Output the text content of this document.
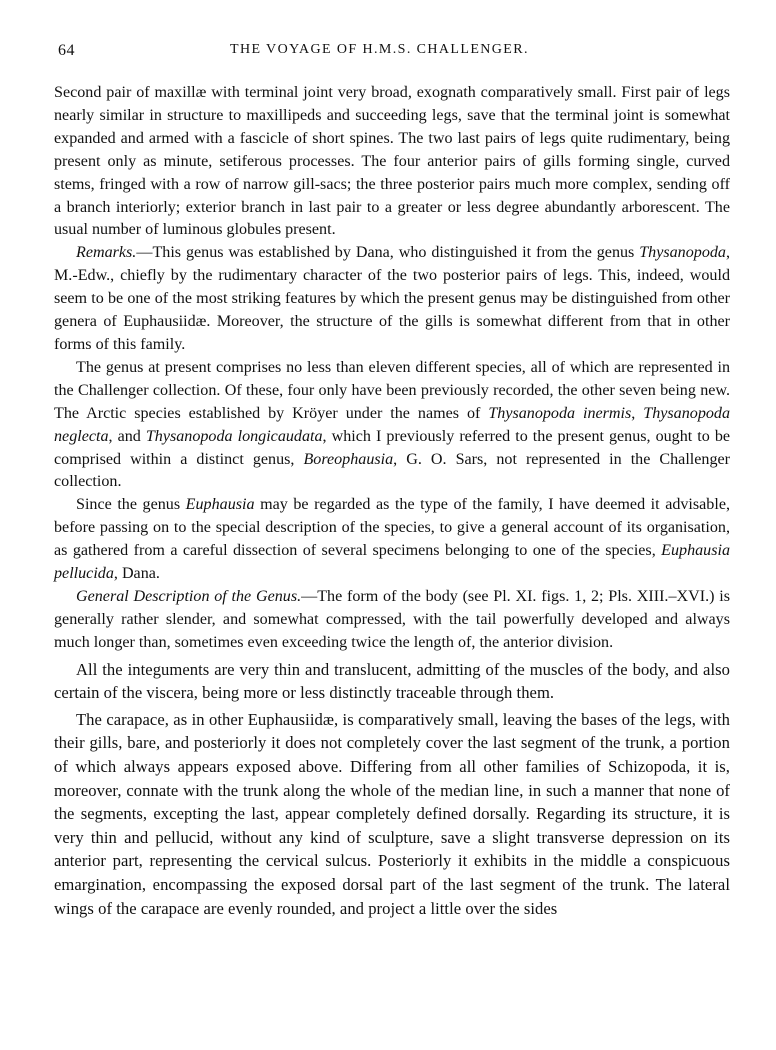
64	THE VOYAGE OF H.M.S. CHALLENGER.

Second pair of maxillæ with terminal joint very broad, exognath comparatively small. First pair of legs nearly similar in structure to maxillipeds and succeeding legs, save that the terminal joint is somewhat expanded and armed with a fascicle of short spines. The two last pairs of legs quite rudimentary, being present only as minute, setiferous processes. The four anterior pairs of gills forming single, curved stems, fringed with a row of narrow gill-sacs; the three posterior pairs much more complex, sending off a branch interiorly; exterior branch in last pair to a greater or less degree abundantly arborescent. The usual number of luminous globules present.

Remarks.—This genus was established by Dana, who distinguished it from the genus Thysanopoda, M.-Edw., chiefly by the rudimentary character of the two posterior pairs of legs. This, indeed, would seem to be one of the most striking features by which the present genus may be distinguished from other genera of Euphausiidæ. Moreover, the structure of the gills is somewhat different from that in other forms of this family.

The genus at present comprises no less than eleven different species, all of which are represented in the Challenger collection. Of these, four only have been previously recorded, the other seven being new. The Arctic species established by Kröyer under the names of Thysanopoda inermis, Thysanopoda neglecta, and Thysanopoda longicaudata, which I previously referred to the present genus, ought to be comprised within a distinct genus, Boreophausia, G. O. Sars, not represented in the Challenger collection.

Since the genus Euphausia may be regarded as the type of the family, I have deemed it advisable, before passing on to the special description of the species, to give a general account of its organisation, as gathered from a careful dissection of several specimens belonging to one of the species, Euphausia pellucida, Dana.

General Description of the Genus.—The form of the body (see Pl. XI. figs. 1, 2; Pls. XIII.–XVI.) is generally rather slender, and somewhat compressed, with the tail powerfully developed and always much longer than, sometimes even exceeding twice the length of, the anterior division.

All the integuments are very thin and translucent, admitting of the muscles of the body, and also certain of the viscera, being more or less distinctly traceable through them.

The carapace, as in other Euphausiidæ, is comparatively small, leaving the bases of the legs, with their gills, bare, and posteriorly it does not completely cover the last segment of the trunk, a portion of which always appears exposed above. Differing from all other families of Schizopoda, it is, moreover, connate with the trunk along the whole of the median line, in such a manner that none of the segments, excepting the last, appear completely defined dorsally. Regarding its structure, it is very thin and pellucid, without any kind of sculpture, save a slight transverse depression on its anterior part, representing the cervical sulcus. Posteriorly it exhibits in the middle a conspicuous emargination, encompassing the exposed dorsal part of the last segment of the trunk. The lateral wings of the carapace are evenly rounded, and project a little over the sides
